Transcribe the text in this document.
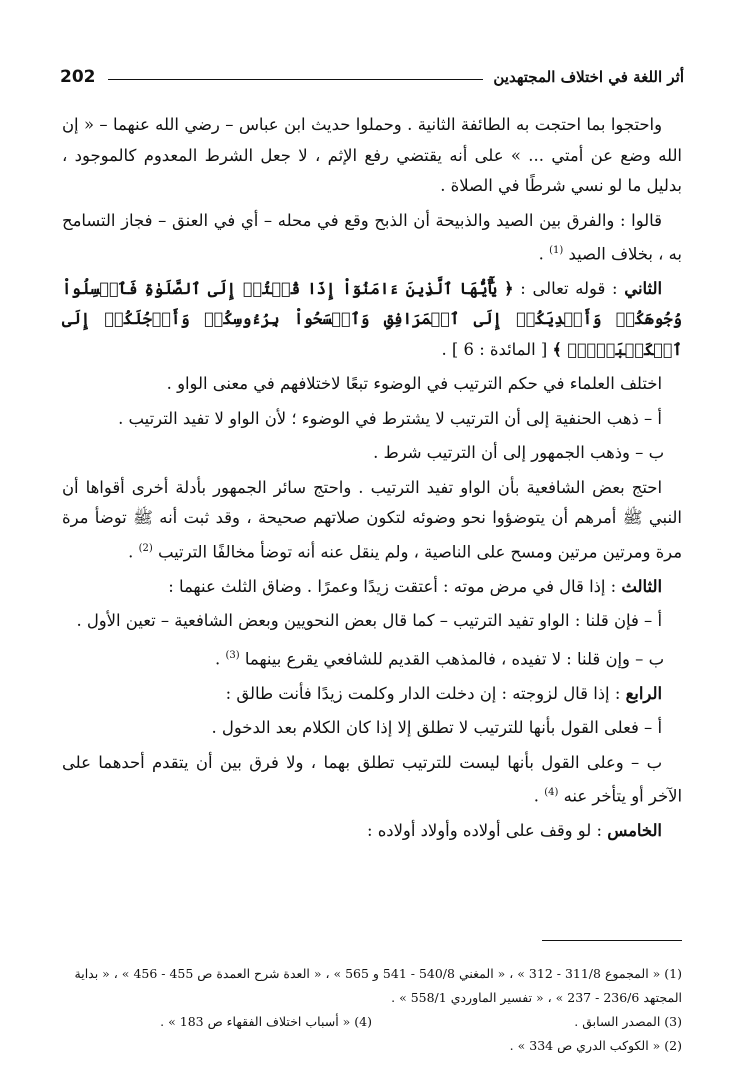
أثر اللغة في اختلاف المجتهدين
202

واحتجوا بما احتجت به الطائفة الثانية . وحملوا حديث ابن عباس – رضي الله عنهما – « إن الله وضع عن أمتي ... » على أنه يقتضي رفع الإثم ، لا جعل الشرط المعدوم كالموجود ، بدليل ما لو نسي شرطًا في الصلاة .

قالوا : والفرق بين الصيد والذبيحة أن الذبح وقع في محله – أي في العنق – فجاز التسامح به ، بخلاف الصيد $^{(1)}$ .

الثاني : قوله تعالى : ﴿ يَٰٓأَيُّهَا ٱلَّذِينَ ءَامَنُوٓاْ إِذَا قُمۡتُمۡ إِلَى ٱلصَّلَوٰةِ فَٱغۡسِلُواْ وُجُوهَكُمۡ وَأَيۡدِيَكُمۡ إِلَى ٱلۡمَرَافِقِ وَٱمۡسَحُواْ بِرُءُوسِكُمۡ وَأَرۡجُلَكُمۡ إِلَى ٱلۡكَعۡبَيۡنِۚ ﴾ [ المائدة : 6 ] .

اختلف العلماء في حكم الترتيب في الوضوء تبعًا لاختلافهم في معنى الواو .

أ – ذهب الحنفية إلى أن الترتيب لا يشترط في الوضوء ؛ لأن الواو لا تفيد الترتيب .

ب – وذهب الجمهور إلى أن الترتيب شرط .

احتج بعض الشافعية بأن الواو تفيد الترتيب . واحتج سائر الجمهور بأدلة أخرى أقواها أن النبي ﷺ أمرهم أن يتوضؤوا نحو وضوئه لتكون صلاتهم صحيحة ، وقد ثبت أنه ﷺ توضأ مرة مرة ومرتين مرتين ومسح على الناصية ، ولم ينقل عنه أنه توضأ مخالفًا الترتيب $^{(2)}$ .

الثالث : إذا قال في مرض موته : أعتقت زيدًا وعمرًا . وضاق الثلث عنهما :

أ – فإن قلنا : الواو تفيد الترتيب – كما قال بعض النحويين وبعض الشافعية – تعين الأول .

ب – وإن قلنا : لا تفيده ، فالمذهب القديم للشافعي يقرع بينهما $^{(3)}$ .

الرابع : إذا قال لزوجته : إن دخلت الدار وكلمت زيدًا فأنت طالق :

أ – فعلى القول بأنها للترتيب لا تطلق إلا إذا كان الكلام بعد الدخول .

ب – وعلى القول بأنها ليست للترتيب تطلق بهما ، ولا فرق بين أن يتقدم أحدهما على الآخر أو يتأخر عنه $^{(4)}$ .

الخامس : لو وقف على أولاده وأولاد أولاده :

(1) « المجموع 311/8 - 312 » ، « المغني 540/8 - 541 و 565 » ، « العدة شرح العمدة ص 455 - 456 » ، « بداية المجتهد 236/6 - 237 » ، « تفسير الماوردي 558/1 » .
(3) المصدر السابق .
(4) « أسباب اختلاف الفقهاء ص 183 » .
(2) « الكوكب الدري ص 334 » .
